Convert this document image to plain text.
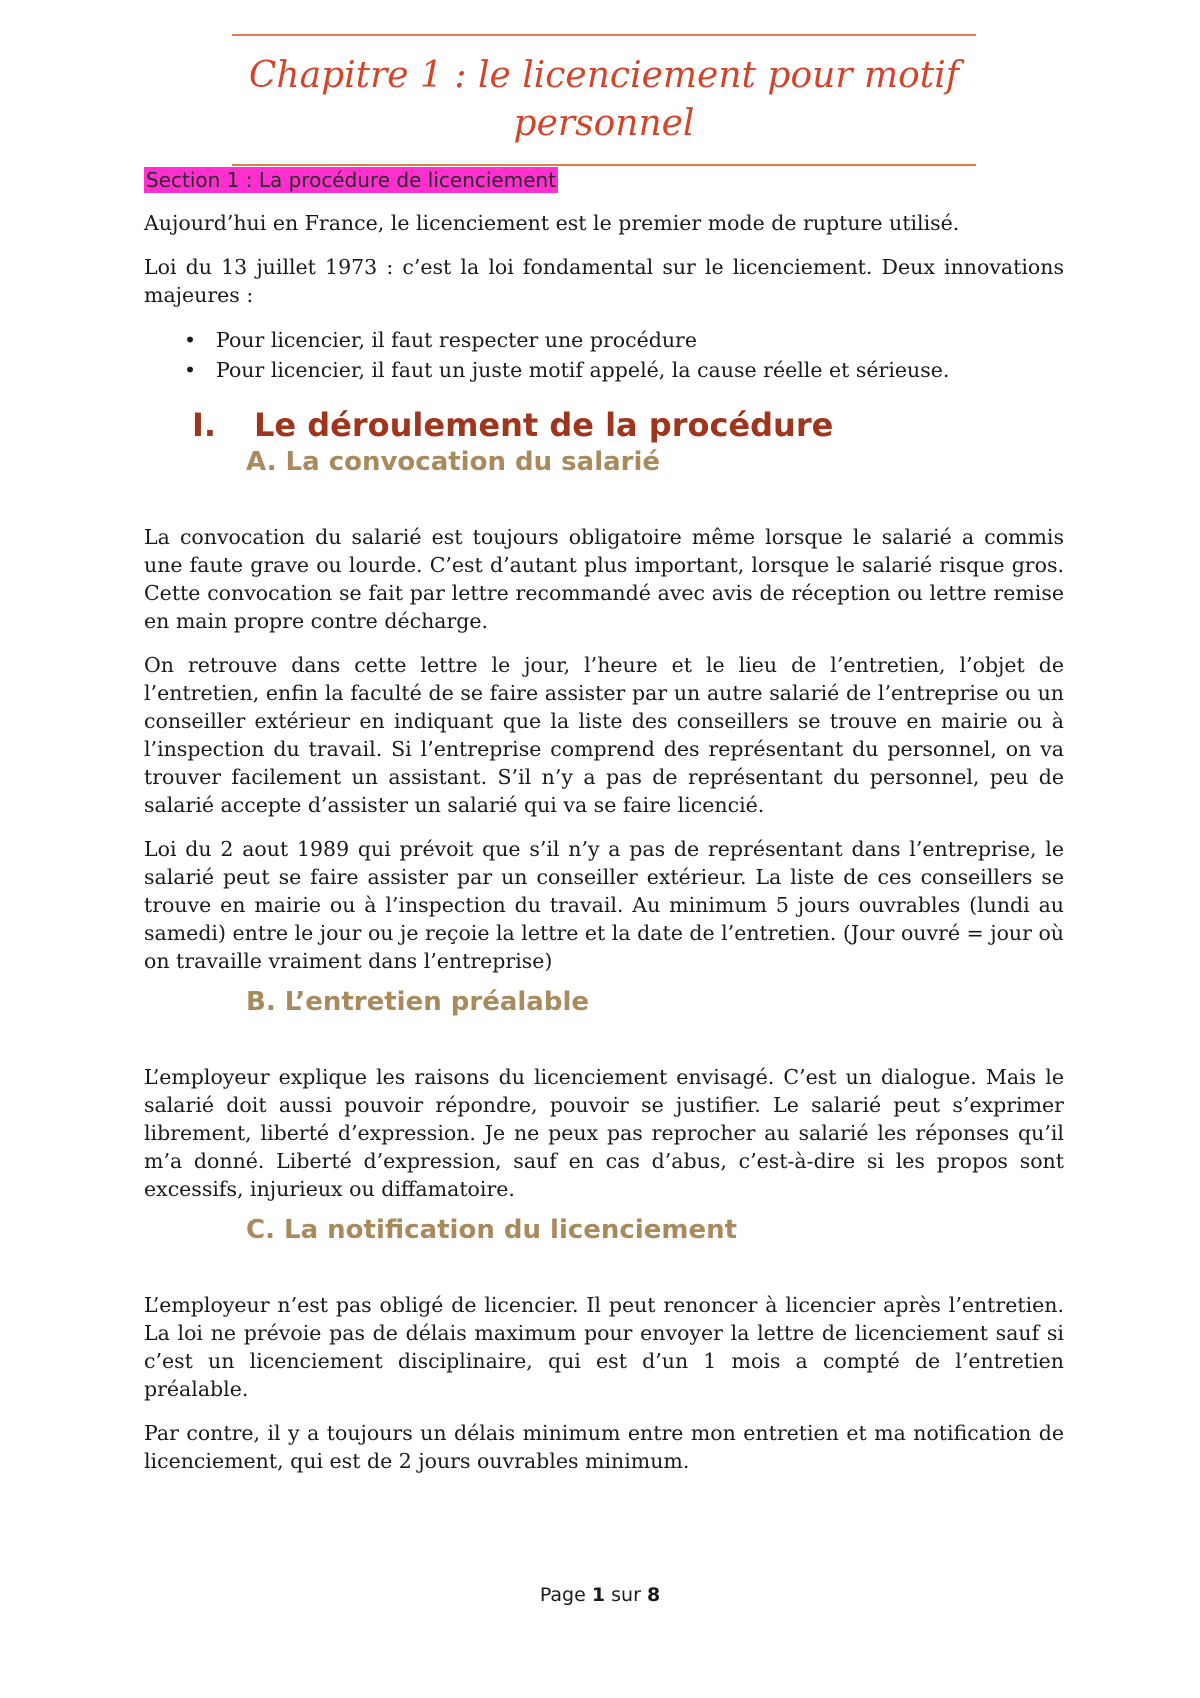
Chapitre 1 : le licenciement pour motif personnel
Section 1 : La procédure de licenciement

Aujourd’hui en France, le licenciement est le premier mode de rupture utilisé.

Loi du 13 juillet 1973 : c’est la loi fondamental sur le licenciement. Deux innovations majeures :

• Pour licencier, il faut respecter une procédure
• Pour licencier, il faut un juste motif appelé, la cause réelle et sérieuse.
I.	Le déroulement de la procédure
A. La convocation du salarié

La convocation du salarié est toujours obligatoire même lorsque le salarié a commis une faute grave ou lourde. C’est d’autant plus important, lorsque le salarié risque gros. Cette convocation se fait par lettre recommandé avec avis de réception ou lettre remise en main propre contre décharge.

On retrouve dans cette lettre le jour, l’heure et le lieu de l’entretien, l’objet de l’entretien, enfin la faculté de se faire assister par un autre salarié de l’entreprise ou un conseiller extérieur en indiquant que la liste des conseillers se trouve en mairie ou à l’inspection du travail. Si l’entreprise comprend des représentant du personnel, on va trouver facilement un assistant. S’il n’y a pas de représentant du personnel, peu de salarié accepte d’assister un salarié qui va se faire licencié.

Loi du 2 aout 1989 qui prévoit que s’il n’y a pas de représentant dans l’entreprise, le salarié peut se faire assister par un conseiller extérieur. La liste de ces conseillers se trouve en mairie ou à l’inspection du travail. Au minimum 5 jours ouvrables (lundi au samedi) entre le jour ou je reçoie la lettre et la date de l’entretien. (Jour ouvré = jour où on travaille vraiment dans l’entreprise)

B. L’entretien préalable

L’employeur explique les raisons du licenciement envisagé. C’est un dialogue. Mais le salarié doit aussi pouvoir répondre, pouvoir se justifier. Le salarié peut s’exprimer librement, liberté d’expression. Je ne peux pas reprocher au salarié les réponses qu’il m’a donné. Liberté d’expression, sauf en cas d’abus, c’est-à-dire si les propos sont excessifs, injurieux ou diffamatoire.

C. La notification du licenciement

L’employeur n’est pas obligé de licencier. Il peut renoncer à licencier après l’entretien. La loi ne prévoie pas de délais maximum pour envoyer la lettre de licenciement sauf si c’est un licenciement disciplinaire, qui est d’un 1 mois a compté de l’entretien préalable.

Par contre, il y a toujours un délais minimum entre mon entretien et ma notification de licenciement, qui est de 2 jours ouvrables minimum.

Page 1 sur 8
